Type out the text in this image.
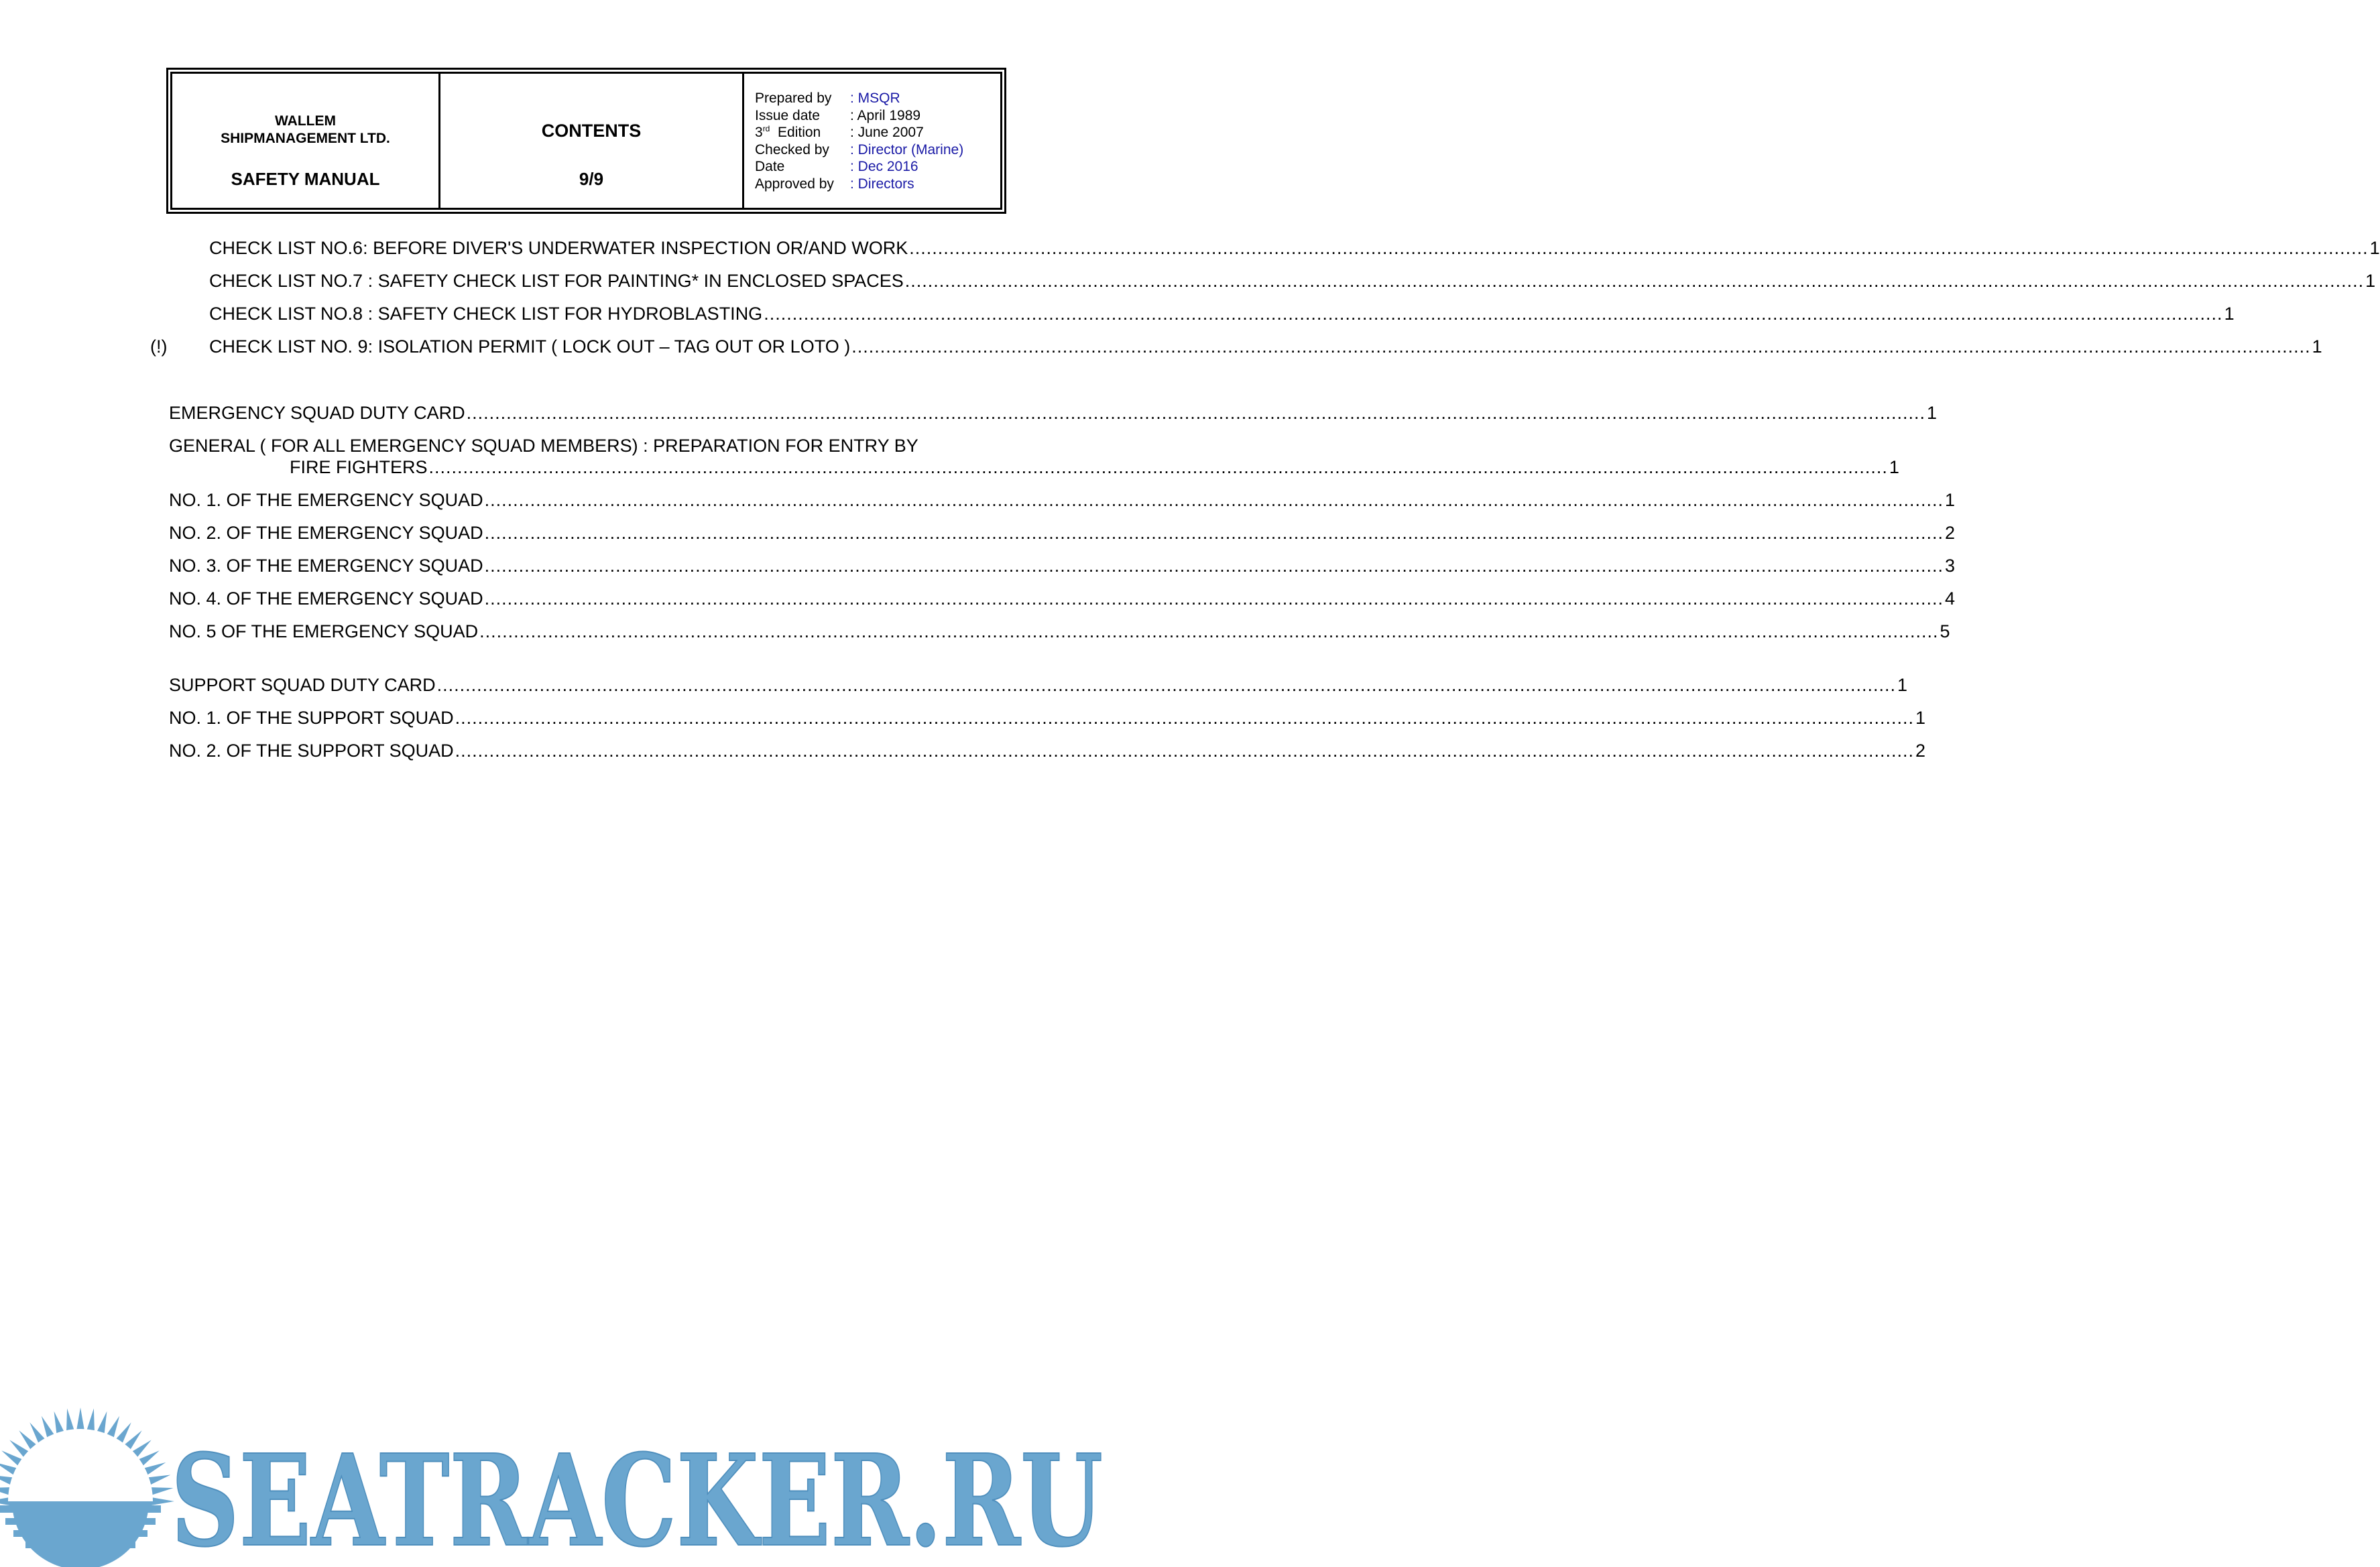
WALLEM
SHIPMANAGEMENT LTD.
SAFETY MANUAL
CONTENTS
9/9
Prepared by	: MSQR
Issue date	: April 1989
3rd Edition	: June 2007
Checked by	: Director (Marine)
Date	: Dec 2016
Approved by	: Directors
CHECK LIST NO.6: BEFORE DIVER'S UNDERWATER INSPECTION OR/AND WORK .....	1
CHECK LIST NO.7 : SAFETY CHECK LIST FOR PAINTING* IN ENCLOSED SPACES .....	1
CHECK LIST NO.8 : SAFETY CHECK LIST FOR HYDROBLASTING .....	1
(!) CHECK LIST NO. 9: ISOLATION PERMIT ( LOCK OUT – TAG OUT OR LOTO ) .....	1
EMERGENCY SQUAD DUTY CARD .....	1
GENERAL ( FOR ALL EMERGENCY SQUAD MEMBERS) : PREPARATION FOR ENTRY BY
FIRE FIGHTERS .....	1
NO. 1. OF THE EMERGENCY SQUAD .....	1
NO. 2. OF THE EMERGENCY SQUAD .....	2
NO. 3. OF THE EMERGENCY SQUAD .....	3
NO. 4. OF THE EMERGENCY SQUAD .....	4
NO. 5 OF THE EMERGENCY SQUAD .....	5
SUPPORT SQUAD DUTY CARD .....	1
NO. 1. OF THE SUPPORT SQUAD .....	1
NO. 2. OF THE SUPPORT SQUAD .....	2
SEATRACKER.RU
